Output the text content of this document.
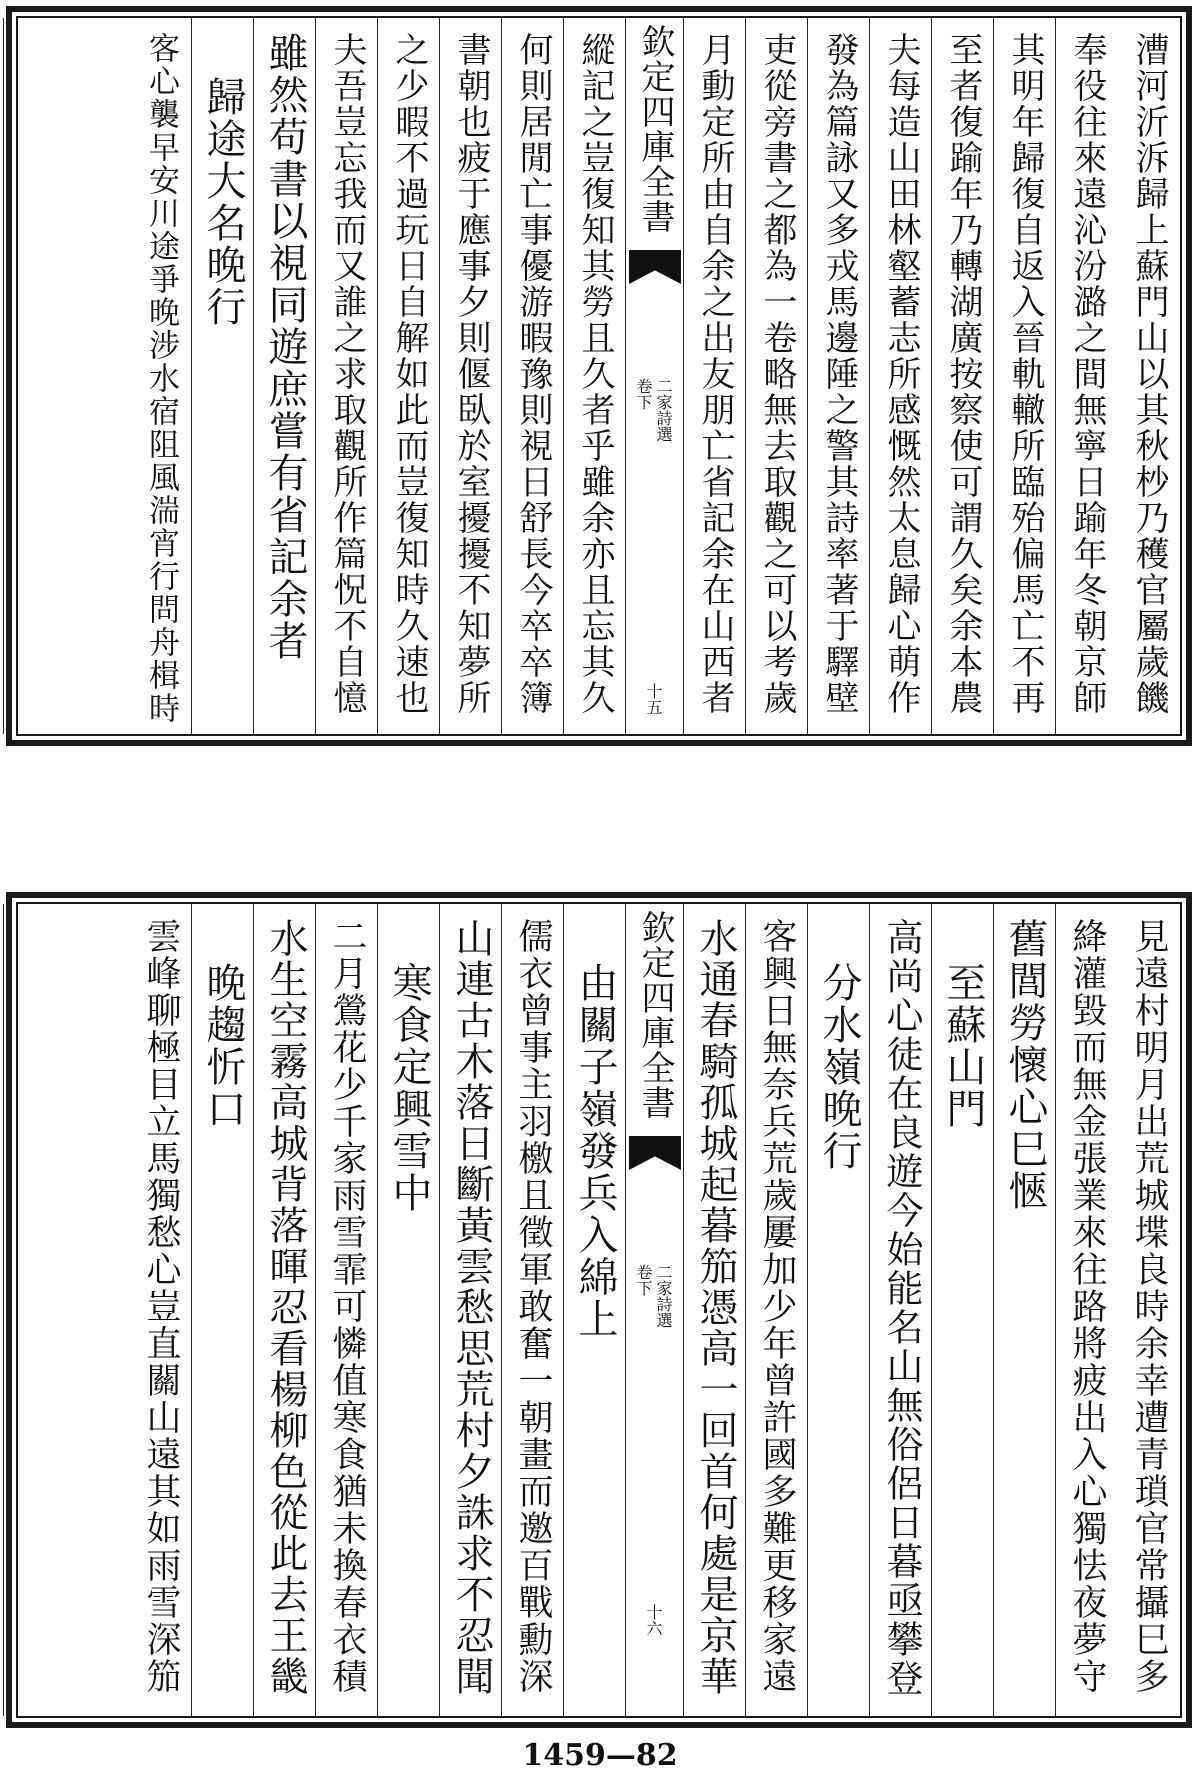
漕河沂泝歸上蘇門山以其秋杪乃穫官屬歲饑
奉役往來遠沁汾潞之間無寧日踰年冬朝京師
其明年歸復自返入晉軌轍所臨殆偏馬亡不再
至者復踰年乃轉湖廣按察使可謂久矣余本農
夫每造山田林壑蓄志所感慨然太息歸心萌作
發為篇詠又多戎馬邊陲之警其詩率著于驛壁
吏從旁書之都為一卷略無去取觀之可以考歲
月動定所由自余之出友朋亡省記余在山西者
欽定四庫全書
二家詩選
卷下
十五
縱記之豈復知其勞且久者乎雖余亦且忘其久
何則居閒亡事優游暇豫則視日舒長今卒卒簿
書朝也疲于應事夕則偃臥於室擾擾不知夢所
之少暇不過玩日自解如此而豈復知時久速也
夫吾豈忘我而又誰之求取觀所作篇怳不自憶
雖然苟書以視同遊庶嘗有省記余者
歸途大名晚行
客心襲早安川途爭晚涉水宿阻風湍宵行問舟楫時
見遠村明月出荒城堞良時余幸遭青瑣官常攝巳多
絳灌毀而無金張業來往路將疲出入心獨怯夜夢守
舊閭勞懷心巳愜
至蘇山門
高尚心徒在良遊今始能名山無俗侶日暮亟攀登
分水嶺晚行
客興日無奈兵荒歲屢加少年曾許國多難更移家遠
水通春騎孤城起暮笳憑高一回首何處是京華
欽定四庫全書
二家詩選
卷下
十六
由關子嶺發兵入綿上
儒衣曾事主羽檄且徵軍敢奮一朝畫而邀百戰勳深
山連古木落日斷黃雲愁思荒村夕誅求不忍聞
寒食定興雪中
二月鶯花少千家雨雪霏可憐值寒食猶未換春衣積
水生空霧高城背落暉忍看楊柳色從此去王畿
晚趨忻口
雲峰聊極目立馬獨愁心豈直關山遠其如雨雪深笳
1459—82
